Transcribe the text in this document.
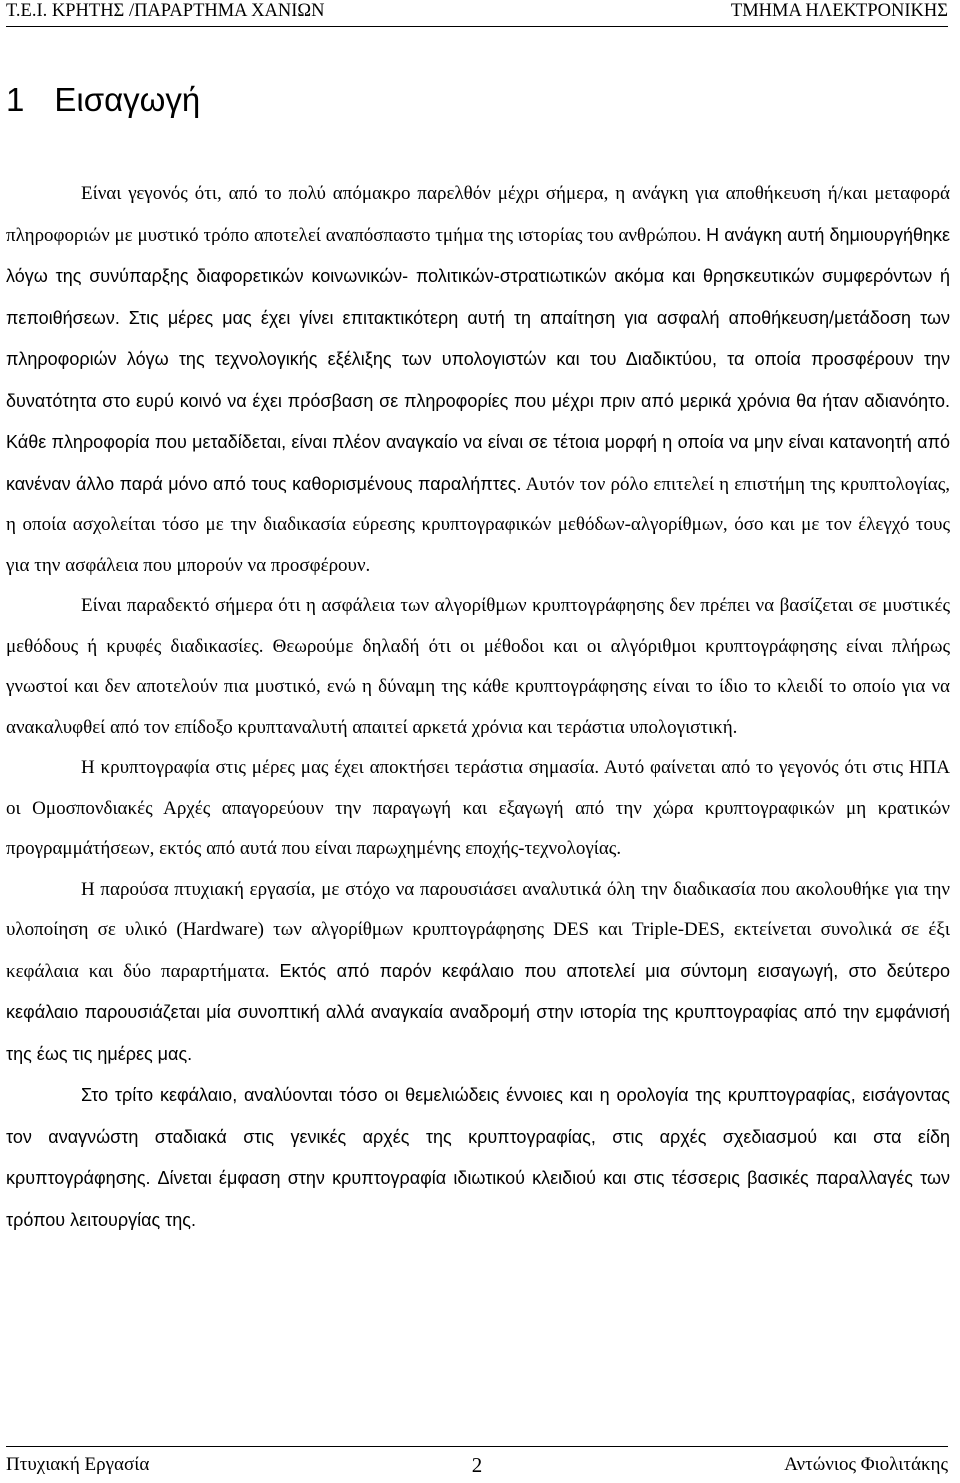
Τ.Ε.Ι. ΚΡΗΤΗΣ /ΠΑΡΑΡΤΗΜΑ ΧΑΝΙΩΝ	ΤΜΗΜΑ ΗΛΕΚΤΡΟΝΙΚΗΣ
1 Εισαγωγή

Είναι γεγονός ότι, από το πολύ απόμακρο παρελθόν μέχρι σήμερα, η ανάγκη για αποθήκευση ή/και μεταφορά πληροφοριών με μυστικό τρόπο αποτελεί αναπόσπαστο τμήμα της ιστορίας του ανθρώπου. Η ανάγκη αυτή δημιουργήθηκε λόγω της συνύπαρξης διαφορετικών κοινωνικών- πολιτικών-στρατιωτικών ακόμα και θρησκευτικών συμφερόντων ή πεποιθήσεων. Στις μέρες μας έχει γίνει επιτακτικότερη αυτή τη απαίτηση για ασφαλή αποθήκευση/μετάδοση των πληροφοριών λόγω της τεχνολογικής εξέλιξης των υπολογιστών και του Διαδικτύου, τα οποία προσφέρουν την δυνατότητα στο ευρύ κοινό να έχει πρόσβαση σε πληροφορίες που μέχρι πριν από μερικά χρόνια θα ήταν αδιανόητο. Κάθε πληροφορία που μεταδίδεται, είναι πλέον αναγκαίο να είναι σε τέτοια μορφή η οποία να μην είναι κατανοητή από κανέναν άλλο παρά μόνο από τους καθορισμένους παραλήπτες. Αυτόν τον ρόλο επιτελεί η επιστήμη της κρυπτολογίας, η οποία ασχολείται τόσο με την διαδικασία εύρεσης κρυπτογραφικών μεθόδων-αλγορίθμων, όσο και με τον έλεγχό τους για την ασφάλεια που μπορούν να προσφέρουν.

Είναι παραδεκτό σήμερα ότι η ασφάλεια των αλγορίθμων κρυπτογράφησης δεν πρέπει να βασίζεται σε μυστικές μεθόδους ή κρυφές διαδικασίες. Θεωρούμε δηλαδή ότι οι μέθοδοι και οι αλγόριθμοι κρυπτογράφησης είναι πλήρως γνωστοί και δεν αποτελούν πια μυστικό, ενώ η δύναμη της κάθε κρυπτογράφησης είναι το ίδιο το κλειδί το οποίο για να ανακαλυφθεί από τον επίδοξο κρυπταναλυτή απαιτεί αρκετά χρόνια και τεράστια υπολογιστική.

Η κρυπτογραφία στις μέρες μας έχει αποκτήσει τεράστια σημασία. Αυτό φαίνεται από το γεγονός ότι στις ΗΠΑ οι Ομοσπονδιακές Αρχές απαγορεύουν την παραγωγή και εξαγωγή από την χώρα κρυπτογραφικών μη κρατικών προγραμμάτήσεων, εκτός από αυτά που είναι παρωχημένης εποχής-τεχνολογίας.

Η παρούσα πτυχιακή εργασία, με στόχο να παρουσιάσει αναλυτικά όλη την διαδικασία που ακολουθήκε για την υλοποίηση σε υλικό (Hardware) των αλγορίθμων κρυπτογράφησης DES και Triple-DES, εκτείνεται συνολικά σε έξι κεφάλαια και δύο παραρτήματα. Εκτός από παρόν κεφάλαιο που αποτελεί μια σύντομη εισαγωγή, στο δεύτερο κεφάλαιο παρουσιάζεται μία συνοπτική αλλά αναγκαία αναδρομή στην ιστορία της κρυπτογραφίας από την εμφάνισή της έως τις ημέρες μας.

Στο τρίτο κεφάλαιο, αναλύονται τόσο οι θεμελιώδεις έννοιες και η ορολογία της κρυπτογραφίας, εισάγοντας τον αναγνώστη σταδιακά στις γενικές αρχές της κρυπτογραφίας, στις αρχές σχεδιασμού και στα είδη κρυπτογράφησης. Δίνεται έμφαση στην κρυπτογραφία ιδιωτικού κλειδιού και στις τέσσερις βασικές παραλλαγές των τρόπου λειτουργίας της.

Πτυχιακή Εργασία	2	Αντώνιος Φιολιτάκης
